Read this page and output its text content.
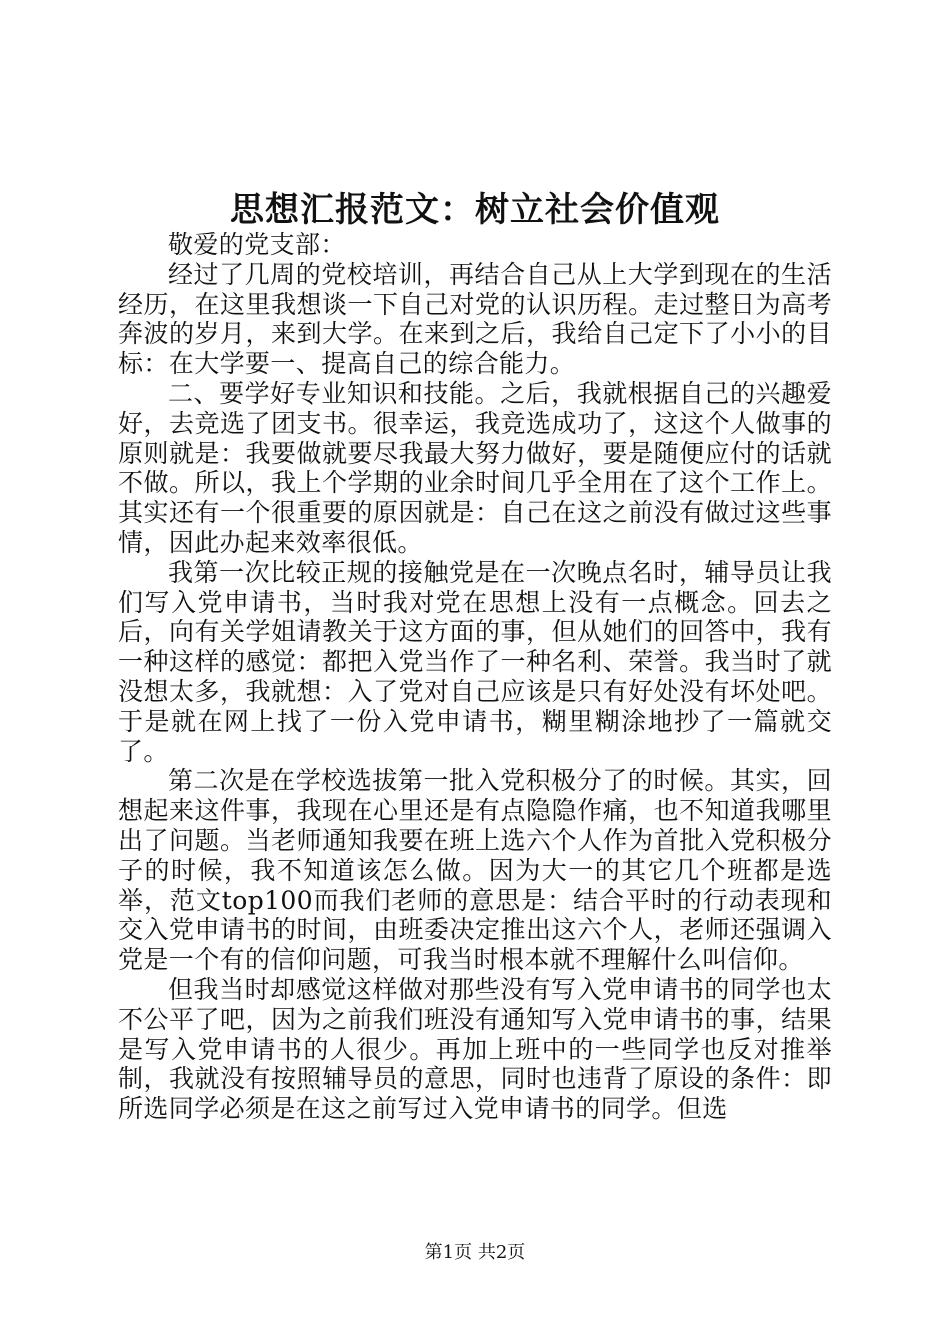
思想汇报范文：树立社会价值观

敬爱的党支部：

经过了几周的党校培训，再结合自己从上大学到现在的生活经历，在这里我想谈一下自己对党的认识历程。走过整日为高考奔波的岁月，来到大学。在来到之后，我给自己定下了小小的目标：在大学要一、提高自己的综合能力。

二、要学好专业知识和技能。之后，我就根据自己的兴趣爱好，去竞选了团支书。很幸运，我竞选成功了，这这个人做事的原则就是：我要做就要尽我最大努力做好，要是随便应付的话就不做。所以，我上个学期的业余时间几乎全用在了这个工作上。其实还有一个很重要的原因就是：自己在这之前没有做过这些事情，因此办起来效率很低。

我第一次比较正规的接触党是在一次晚点名时，辅导员让我们写入党申请书，当时我对党在思想上没有一点概念。回去之后，向有关学姐请教关于这方面的事，但从她们的回答中，我有一种这样的感觉：都把入党当作了一种名利、荣誉。我当时了就没想太多，我就想：入了党对自己应该是只有好处没有坏处吧。于是就在网上找了一份入党申请书，糊里糊涂地抄了一篇就交了。

第二次是在学校选拔第一批入党积极分了的时候。其实，回想起来这件事，我现在心里还是有点隐隐作痛，也不知道我哪里出了问题。当老师通知我要在班上选六个人作为首批入党积极分子的时候，我不知道该怎么做。因为大一的其它几个班都是选举，范文top100而我们老师的意思是：结合平时的行动表现和交入党申请书的时间，由班委决定推出这六个人，老师还强调入党是一个有的信仰问题，可我当时根本就不理解什么叫信仰。

但我当时却感觉这样做对那些没有写入党申请书的同学也太不公平了吧，因为之前我们班没有通知写入党申请书的事，结果是写入党申请书的人很少。再加上班中的一些同学也反对推举制，我就没有按照辅导员的意思，同时也违背了原设的条件：即所选同学必须是在这之前写过入党申请书的同学。但选

第1页 共2页
